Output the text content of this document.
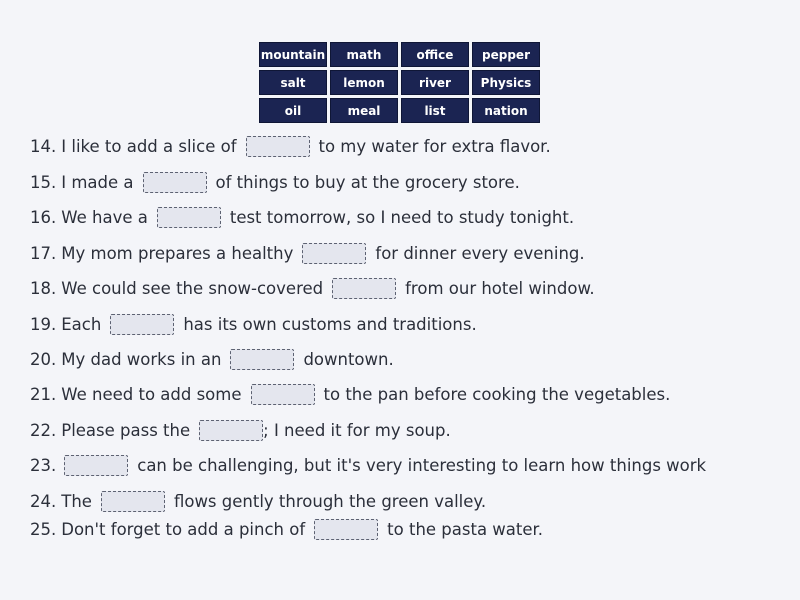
mountain	math	office	pepper
salt	lemon	river	Physics
oil	meal	list	nation
14. I like to add a slice of	to my water for extra flavor.
15. I made a	of things to buy at the grocery store.
16. We have a	test tomorrow, so I need to study tonight.
17. My mom prepares a healthy	for dinner every evening.
18. We could see the snow-covered	from our hotel window.
19. Each	has its own customs and traditions.
20. My dad works in an	downtown.
21. We need to add some	to the pan before cooking the vegetables.
22. Please pass the	; I need it for my soup.
23.	can be challenging, but it's very interesting to learn how things work
24. The	flows gently through the green valley.
25. Don't forget to add a pinch of	to the pasta water.
